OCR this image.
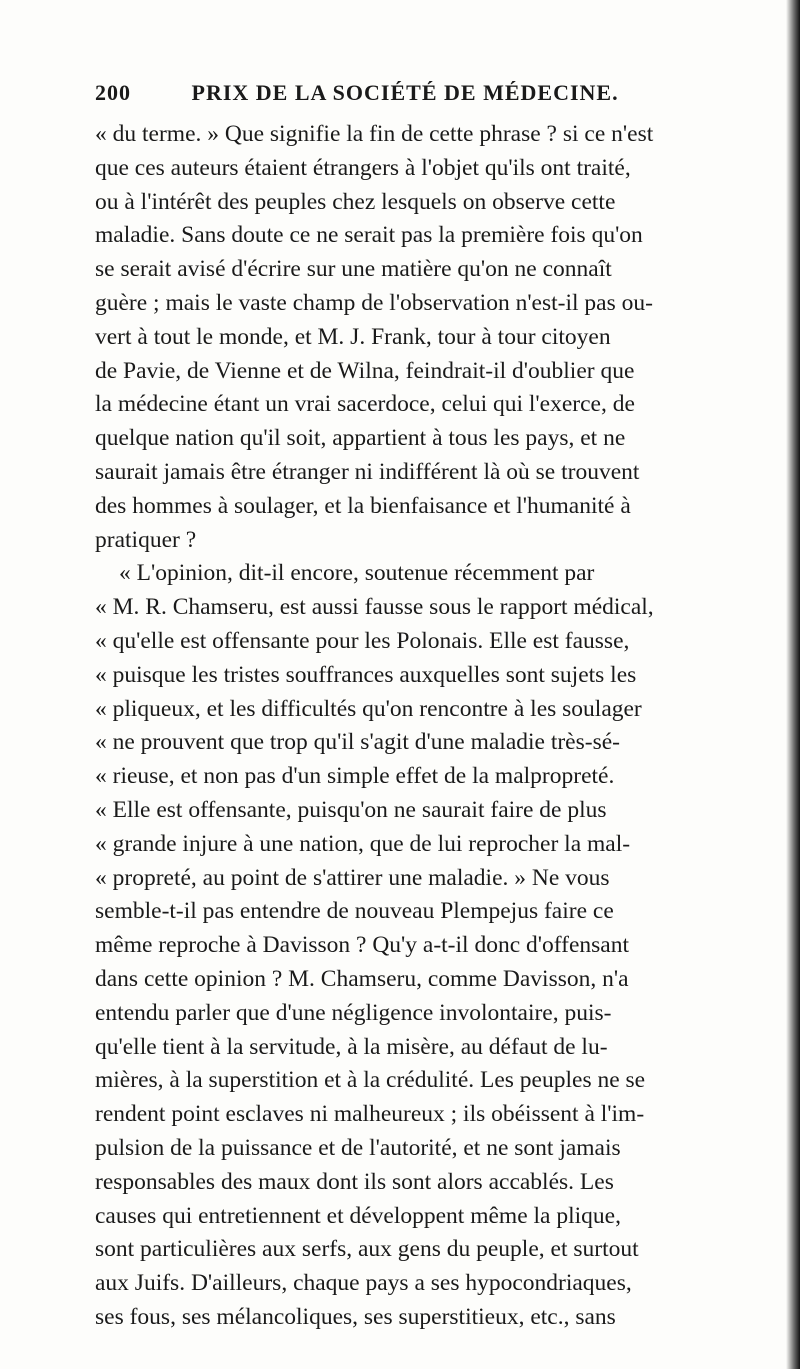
200	PRIX DE LA SOCIÉTÉ DE MÉDECINE.
« du terme. » Que signifie la fin de cette phrase ? si ce n'est
que ces auteurs étaient étrangers à l'objet qu'ils ont traité,
ou à l'intérêt des peuples chez lesquels on observe cette
maladie. Sans doute ce ne serait pas la première fois qu'on
se serait avisé d'écrire sur une matière qu'on ne connaît
guère ; mais le vaste champ de l'observation n'est-il pas ou-
vert à tout le monde, et M. J. Frank, tour à tour citoyen
de Pavie, de Vienne et de Wilna, feindrait-il d'oublier que
la médecine étant un vrai sacerdoce, celui qui l'exerce, de
quelque nation qu'il soit, appartient à tous les pays, et ne
saurait jamais être étranger ni indifférent là où se trouvent
des hommes à soulager, et la bienfaisance et l'humanité à
pratiquer ?
« L'opinion, dit-il encore, soutenue récemment par
« M. R. Chamseru, est aussi fausse sous le rapport médical,
« qu'elle est offensante pour les Polonais. Elle est fausse,
« puisque les tristes souffrances auxquelles sont sujets les
« pliqueux, et les difficultés qu'on rencontre à les soulager
« ne prouvent que trop qu'il s'agit d'une maladie très-sé-
« rieuse, et non pas d'un simple effet de la malpropreté.
« Elle est offensante, puisqu'on ne saurait faire de plus
« grande injure à une nation, que de lui reprocher la mal-
« propreté, au point de s'attirer une maladie. » Ne vous
semble-t-il pas entendre de nouveau Plempejus faire ce
même reproche à Davisson ? Qu'y a-t-il donc d'offensant
dans cette opinion ? M. Chamseru, comme Davisson, n'a
entendu parler que d'une négligence involontaire, puis-
qu'elle tient à la servitude, à la misère, au défaut de lu-
mières, à la superstition et à la crédulité. Les peuples ne se
rendent point esclaves ni malheureux ; ils obéissent à l'im-
pulsion de la puissance et de l'autorité, et ne sont jamais
responsables des maux dont ils sont alors accablés. Les
causes qui entretiennent et développent même la plique,
sont particulières aux serfs, aux gens du peuple, et surtout
aux Juifs. D'ailleurs, chaque pays a ses hypocondriaques,
ses fous, ses mélancoliques, ses superstitieux, etc., sans
